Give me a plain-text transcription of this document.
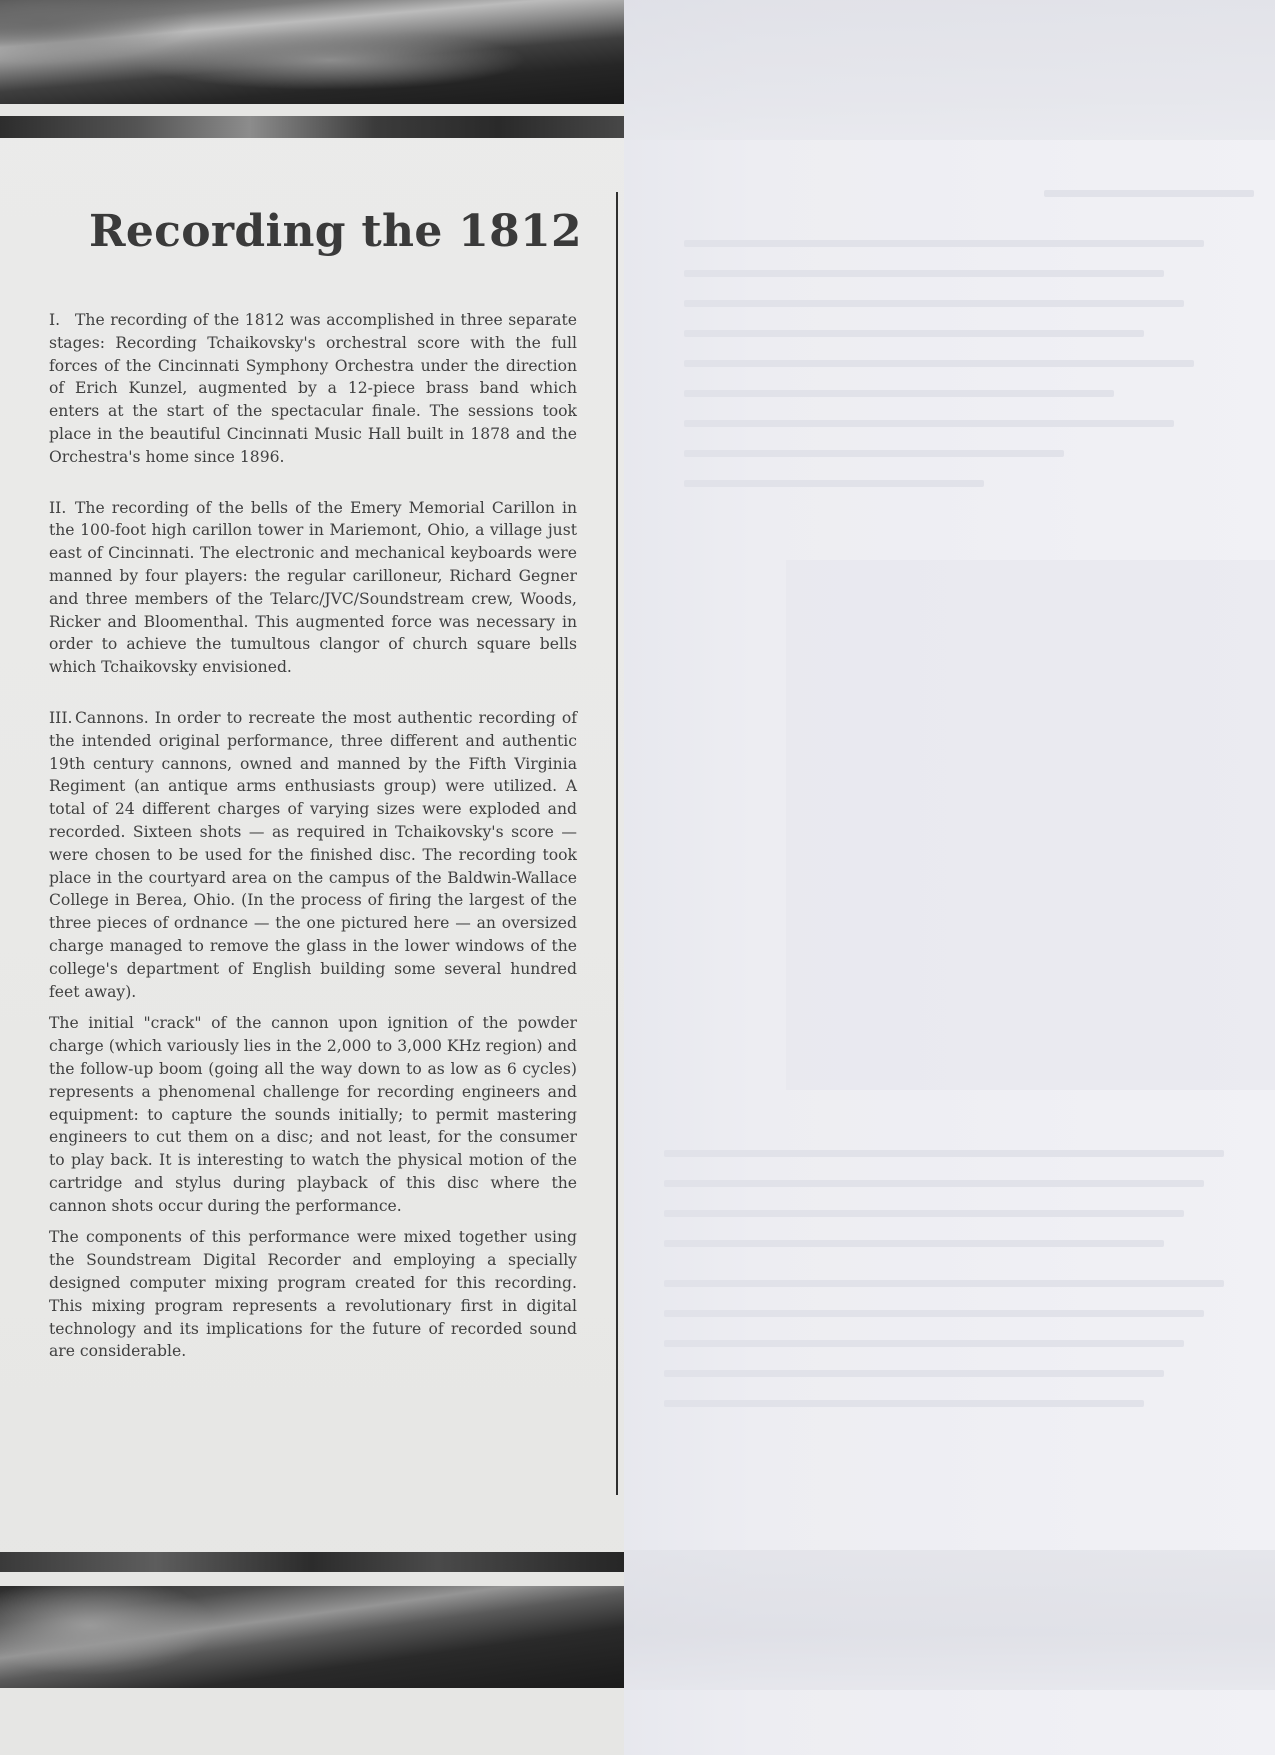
Recording the 1812

I. The recording of the 1812 was accomplished in three separate stages: Recording Tchaikovsky's orchestral score with the full forces of the Cincinnati Symphony Orchestra under the direction of Erich Kunzel, augmented by a 12-piece brass band which enters at the start of the spectacular finale. The sessions took place in the beautiful Cincinnati Music Hall built in 1878 and the Orchestra's home since 1896.

II. The recording of the bells of the Emery Memorial Carillon in the 100-foot high carillon tower in Mariemont, Ohio, a village just east of Cincinnati. The electronic and mechanical keyboards were manned by four players: the regular carilloneur, Richard Gegner and three members of the Telarc/JVC/Soundstream crew, Woods, Ricker and Bloomenthal. This augmented force was necessary in order to achieve the tumultous clangor of church square bells which Tchaikovsky envisioned.

III. Cannons. In order to recreate the most authentic recording of the intended original performance, three different and authentic 19th century cannons, owned and manned by the Fifth Virginia Regiment (an antique arms enthusiasts group) were utilized. A total of 24 different charges of varying sizes were exploded and recorded. Sixteen shots — as required in Tchaikovsky's score — were chosen to be used for the finished disc. The recording took place in the courtyard area on the campus of the Baldwin-Wallace College in Berea, Ohio. (In the process of firing the largest of the three pieces of ordnance — the one pictured here — an oversized charge managed to remove the glass in the lower windows of the college's department of English building some several hundred feet away).

The initial "crack" of the cannon upon ignition of the powder charge (which variously lies in the 2,000 to 3,000 KHz region) and the follow-up boom (going all the way down to as low as 6 cycles) represents a phenomenal challenge for recording engineers and equipment: to capture the sounds initially; to permit mastering engineers to cut them on a disc; and not least, for the consumer to play back. It is interesting to watch the physical motion of the cartridge and stylus during playback of this disc where the cannon shots occur during the performance.

The components of this performance were mixed together using the Soundstream Digital Recorder and employing a specially designed computer mixing program created for this recording. This mixing program represents a revolutionary first in digital technology and its implications for the future of recorded sound are considerable.
